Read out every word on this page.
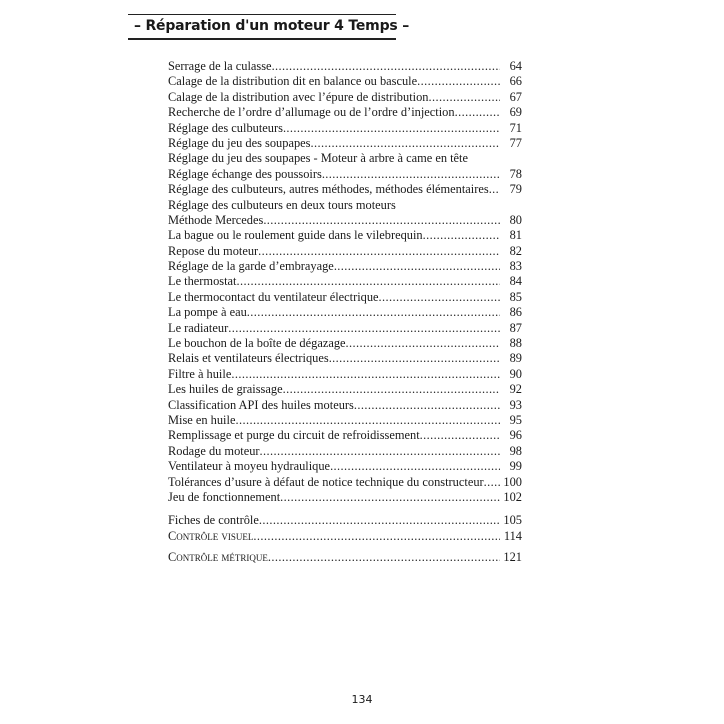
– Réparation d'un moteur 4 Temps –
Serrage de la culasse .....	64
Calage de la distribution dit en balance ou bascule .....	66
Calage de la distribution avec l’épure de distribution .....	67
Recherche de l’ordre d’allumage ou de l’ordre d’injection .....	69
Réglage des culbuteurs .....	71
Réglage du jeu des soupapes .....	77
Réglage du jeu des soupapes - Moteur à arbre à came en tête
Réglage échange des poussoirs .....	78
Réglage des culbuteurs, autres méthodes, méthodes élémentaires .....	79
Réglage des culbuteurs en deux tours moteurs
Méthode Mercedes .....	80
La bague ou le roulement guide dans le vilebrequin .....	81
Repose du moteur .....	82
Réglage de la garde d’embrayage .....	83
Le thermostat .....	84
Le thermocontact du ventilateur électrique .....	85
La pompe à eau .....	86
Le radiateur .....	87
Le bouchon de la boîte de dégazage .....	88
Relais et ventilateurs électriques .....	89
Filtre à huile .....	90
Les huiles de graissage .....	92
Classification API des huiles moteurs .....	93
Mise en huile .....	95
Remplissage et purge du circuit de refroidissement .....	96
Rodage du moteur .....	98
Ventilateur à moyeu hydraulique .....	99
Tolérances d’usure à défaut de notice technique du constructeur ..... 100
Jeu de fonctionnement .....	102
Fiches de contrôle .....	105
Contrôle visuel .....	114
Contrôle métrique .....	121
134
